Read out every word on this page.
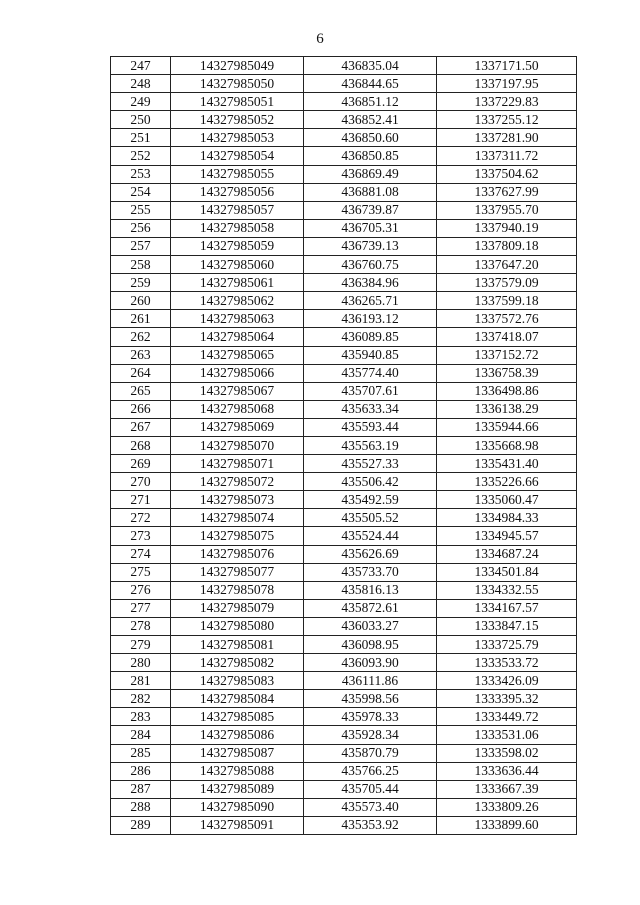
6
247	14327985049	436835.04	1337171.50
248	14327985050	436844.65	1337197.95
249	14327985051	436851.12	1337229.83
250	14327985052	436852.41	1337255.12
251	14327985053	436850.60	1337281.90
252	14327985054	436850.85	1337311.72
253	14327985055	436869.49	1337504.62
254	14327985056	436881.08	1337627.99
255	14327985057	436739.87	1337955.70
256	14327985058	436705.31	1337940.19
257	14327985059	436739.13	1337809.18
258	14327985060	436760.75	1337647.20
259	14327985061	436384.96	1337579.09
260	14327985062	436265.71	1337599.18
261	14327985063	436193.12	1337572.76
262	14327985064	436089.85	1337418.07
263	14327985065	435940.85	1337152.72
264	14327985066	435774.40	1336758.39
265	14327985067	435707.61	1336498.86
266	14327985068	435633.34	1336138.29
267	14327985069	435593.44	1335944.66
268	14327985070	435563.19	1335668.98
269	14327985071	435527.33	1335431.40
270	14327985072	435506.42	1335226.66
271	14327985073	435492.59	1335060.47
272	14327985074	435505.52	1334984.33
273	14327985075	435524.44	1334945.57
274	14327985076	435626.69	1334687.24
275	14327985077	435733.70	1334501.84
276	14327985078	435816.13	1334332.55
277	14327985079	435872.61	1334167.57
278	14327985080	436033.27	1333847.15
279	14327985081	436098.95	1333725.79
280	14327985082	436093.90	1333533.72
281	14327985083	436111.86	1333426.09
282	14327985084	435998.56	1333395.32
283	14327985085	435978.33	1333449.72
284	14327985086	435928.34	1333531.06
285	14327985087	435870.79	1333598.02
286	14327985088	435766.25	1333636.44
287	14327985089	435705.44	1333667.39
288	14327985090	435573.40	1333809.26
289	14327985091	435353.92	1333899.60
